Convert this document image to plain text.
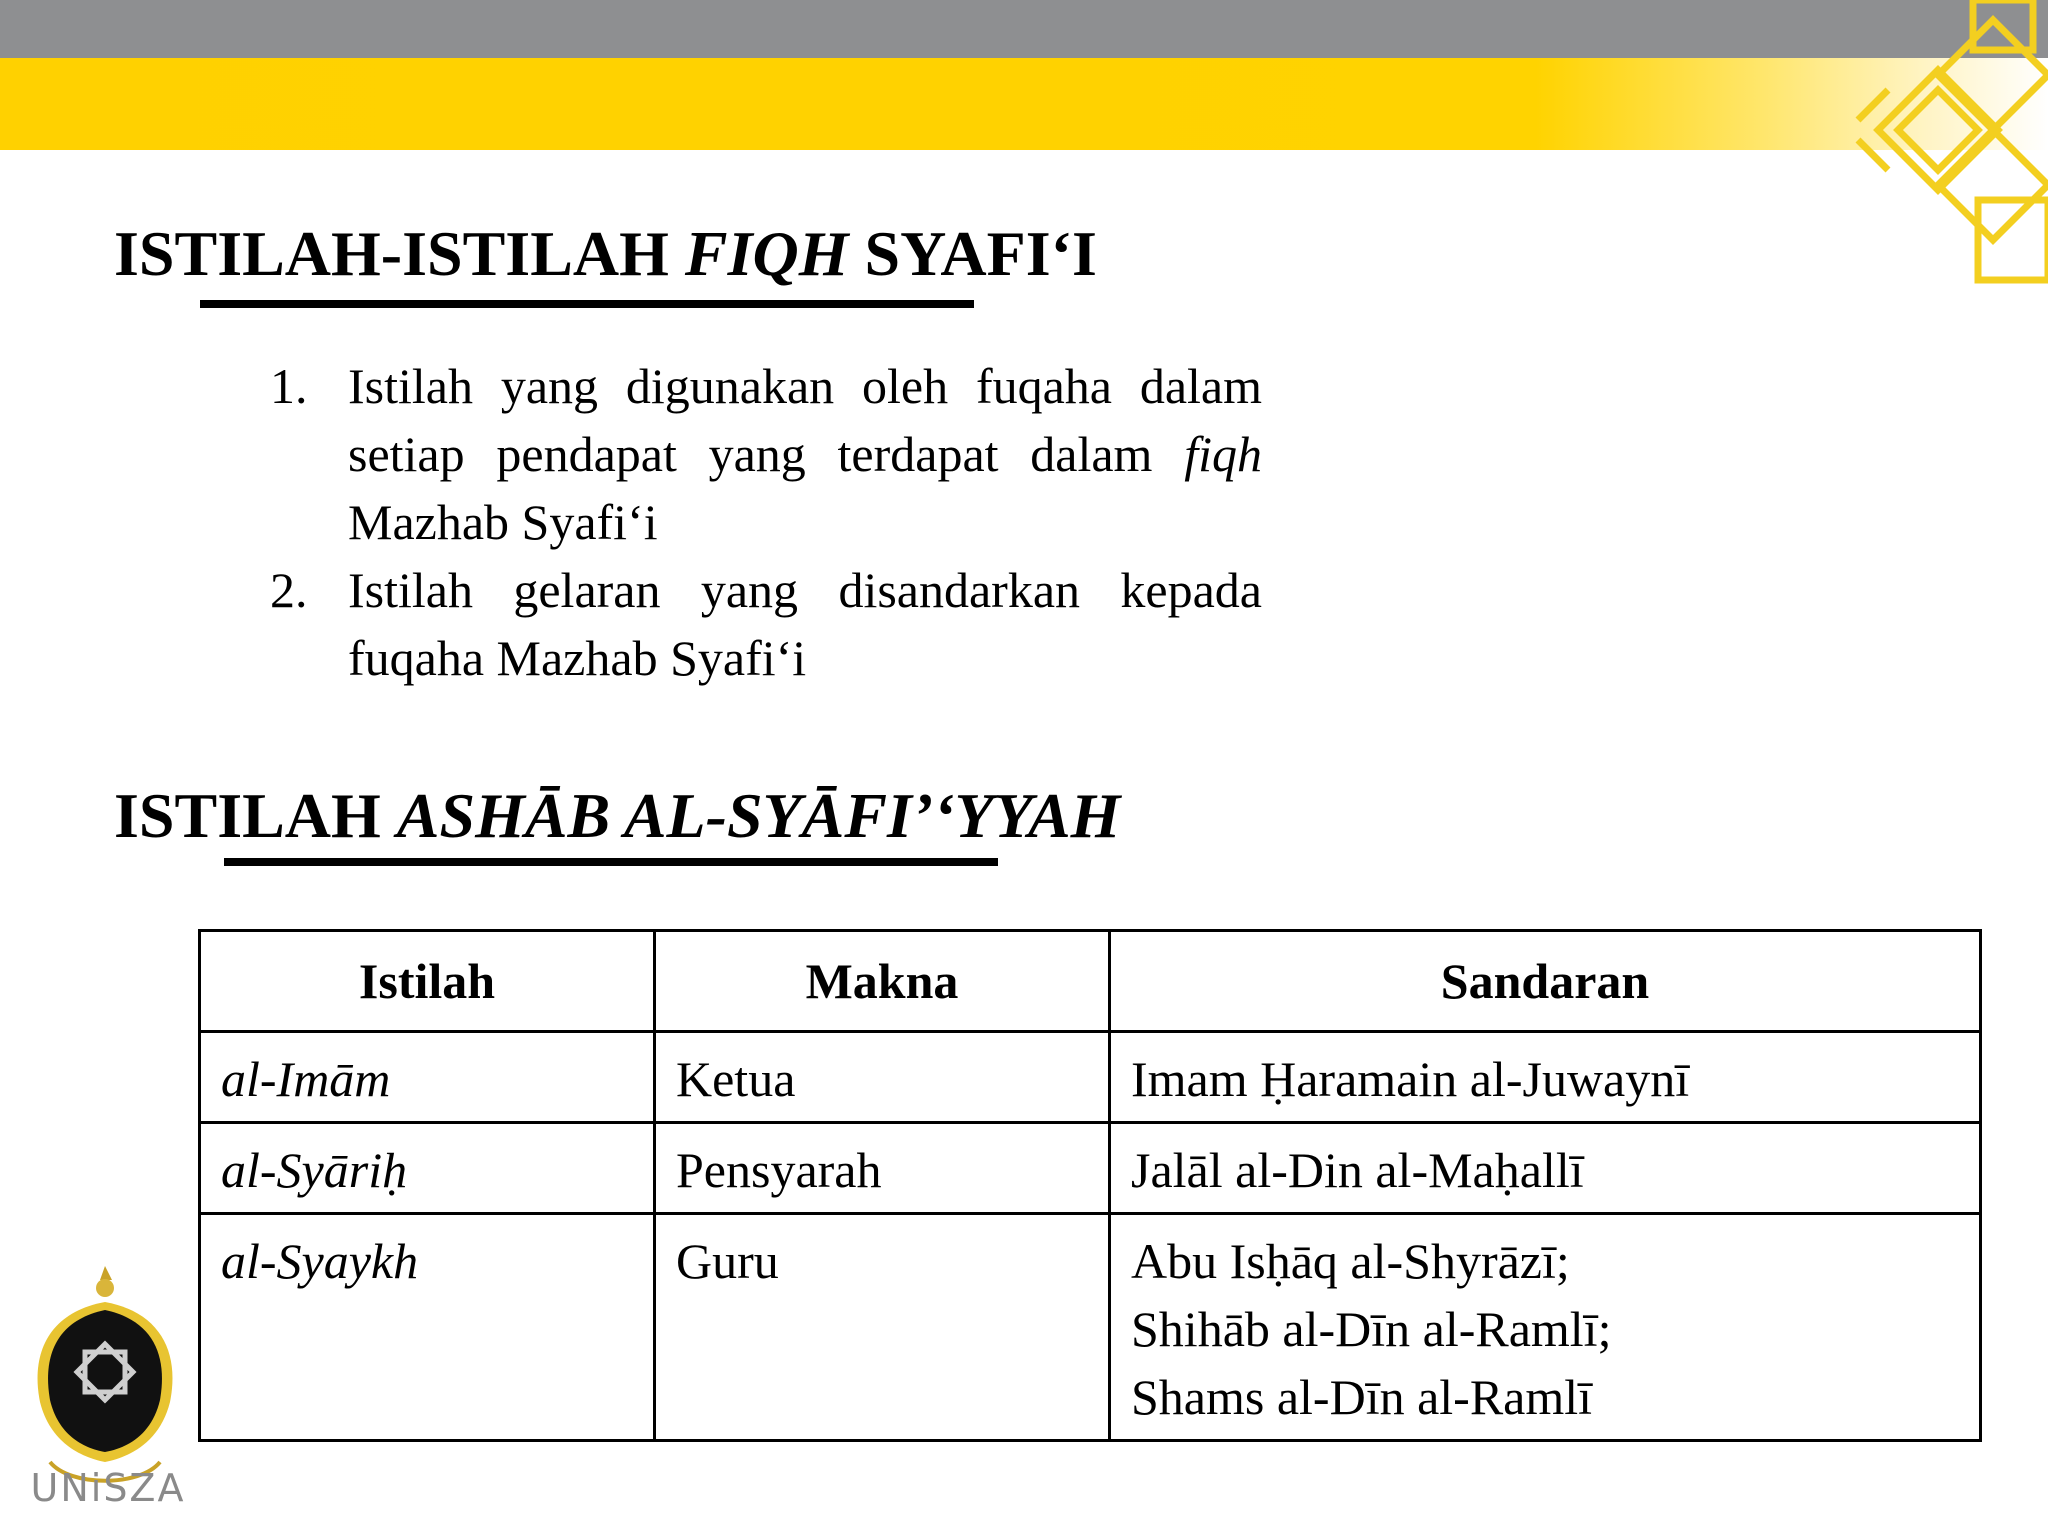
ISTILAH-ISTILAH FIQH SYAFI‘I
1. Istilah yang digunakan oleh fuqaha dalam setiap pendapat yang terdapat dalam fiqh Mazhab Syafi‘i
2. Istilah gelaran yang disandarkan kepada fuqaha Mazhab Syafi‘i
ISTILAH ASHĀB AL-SYĀFI’‘YYAH
Istilah	Makna	Sandaran
al-Imām	Ketua	Imam Ḥaramain al-Juwaynī

al-Syāriḥ	Pensyarah	Jalāl al-Din al-Maḥallī

al-Syaykh	Guru	Abu Isḥāq al-Shyrāzī;
Shihāb al-Dīn al-Ramlī;
Shams al-Dīn al-Ramlī
UNiSZA
